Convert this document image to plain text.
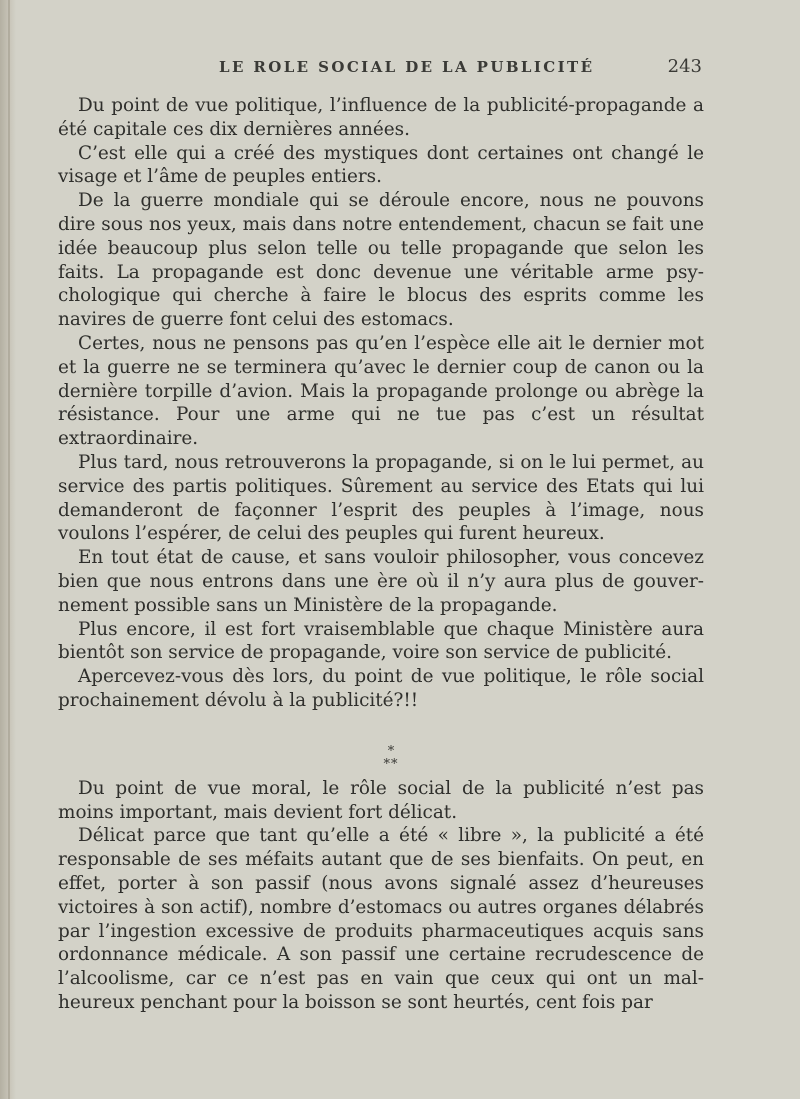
LE ROLE SOCIAL DE LA PUBLICITÉ	243

Du point de vue politique, l’influence de la publicité-propagande a été capitale ces dix dernières années.

C’est elle qui a créé des mystiques dont certaines ont changé le visage et l’âme de peuples entiers.

De la guerre mondiale qui se déroule encore, nous ne pouvons dire sous nos yeux, mais dans notre entendement, chacun se fait une idée beaucoup plus selon telle ou telle propagande que selon les faits. La propagande est donc devenue une véritable arme psychologique qui cherche à faire le blocus des esprits comme les navires de guerre font celui des estomacs.

Certes, nous ne pensons pas qu’en l’espèce elle ait le dernier mot et la guerre ne se terminera qu’avec le dernier coup de canon ou la dernière torpille d’avion. Mais la propagande prolonge ou abrège la résistance. Pour une arme qui ne tue pas c’est un résultat extraordinaire.

Plus tard, nous retrouverons la propagande, si on le lui permet, au service des partis politiques. Sûrement au service des Etats qui lui demanderont de façonner l’esprit des peuples à l’image, nous voulons l’espérer, de celui des peuples qui furent heureux.

En tout état de cause, et sans vouloir philosopher, vous concevez bien que nous entrons dans une ère où il n’y aura plus de gouvernement possible sans un Ministère de la propagande.

Plus encore, il est fort vraisemblable que chaque Ministère aura bientôt son service de propagande, voire son service de publicité.

Apercevez-vous dès lors, du point de vue politique, le rôle social prochainement dévolu à la publicité?!!

*
**

Du point de vue moral, le rôle social de la publicité n’est pas moins important, mais devient fort délicat.

Délicat parce que tant qu’elle a été « libre », la publicité a été responsable de ses méfaits autant que de ses bienfaits. On peut, en effet, porter à son passif (nous avons signalé assez d’heureuses victoires à son actif), nombre d’estomacs ou autres organes délabrés par l’ingestion excessive de produits pharmaceutiques acquis sans ordonnance médicale. A son passif une certaine recrudescence de l’alcoolisme, car ce n’est pas en vain que ceux qui ont un malheureux penchant pour la boisson se sont heurtés, cent fois par
